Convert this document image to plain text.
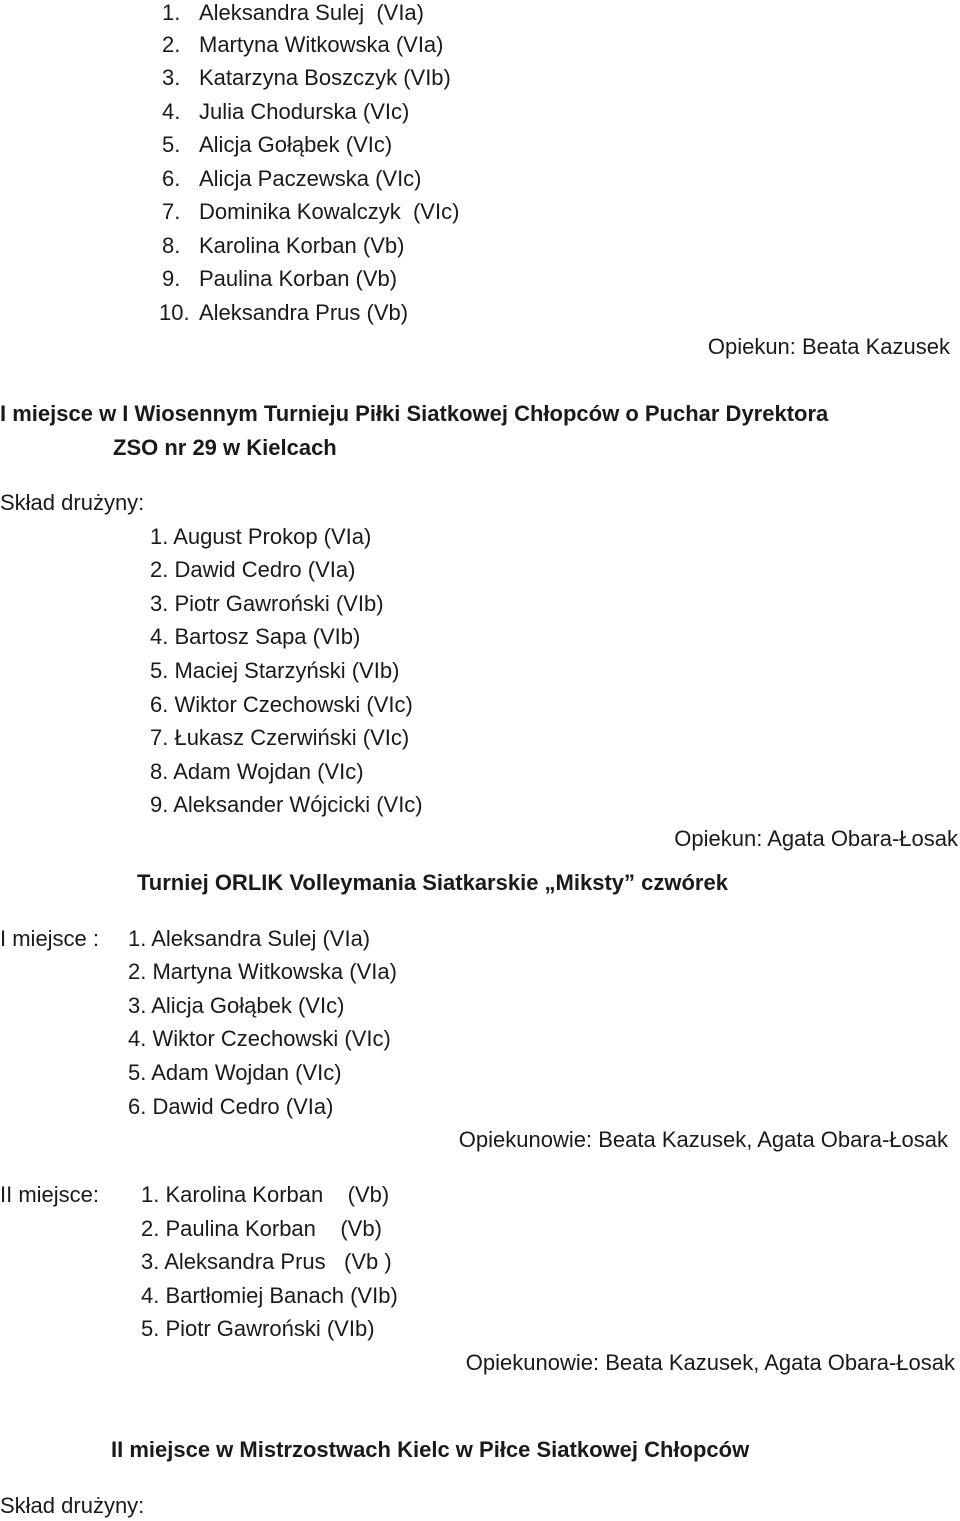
1. Aleksandra Sulej  (VIa)
2. Martyna Witkowska (VIa)
3. Katarzyna Boszczyk (VIb)
4. Julia Chodurska (VIc)
5. Alicja Gołąbek (VIc)
6. Alicja Paczewska (VIc)
7. Dominika Kowalczyk  (VIc)
8. Karolina Korban (Vb)
9. Paulina Korban (Vb)
10. Aleksandra Prus (Vb)
Opiekun: Beata Kazusek
I miejsce w I Wiosennym Turnieju Piłki Siatkowej Chłopców o Puchar Dyrektora
ZSO nr 29 w Kielcach
Skład drużyny:
1. August Prokop (VIa)
2. Dawid Cedro (VIa)
3. Piotr Gawroński (VIb)
4. Bartosz Sapa (VIb)
5. Maciej Starzyński (VIb)
6. Wiktor Czechowski (VIc)
7. Łukasz Czerwiński (VIc)
8. Adam Wojdan (VIc)
9. Aleksander Wójcicki (VIc)
Opiekun: Agata Obara-Łosak
Turniej ORLIK Volleymania Siatkarskie „Miksty” czwórek
I miejsce : 1. Aleksandra Sulej (VIa)
2. Martyna Witkowska (VIa)
3. Alicja Gołąbek (VIc)
4. Wiktor Czechowski (VIc)
5. Adam Wojdan (VIc)
6. Dawid Cedro (VIa)
Opiekunowie: Beata Kazusek, Agata Obara-Łosak
II miejsce: 1. Karolina Korban    (Vb)
2. Paulina Korban    (Vb)
3. Aleksandra Prus   (Vb )
4. Bartłomiej Banach (VIb)
5. Piotr Gawroński (VIb)
Opiekunowie: Beata Kazusek, Agata Obara-Łosak
II miejsce w Mistrzostwach Kielc w Piłce Siatkowej Chłopców
Skład drużyny:
